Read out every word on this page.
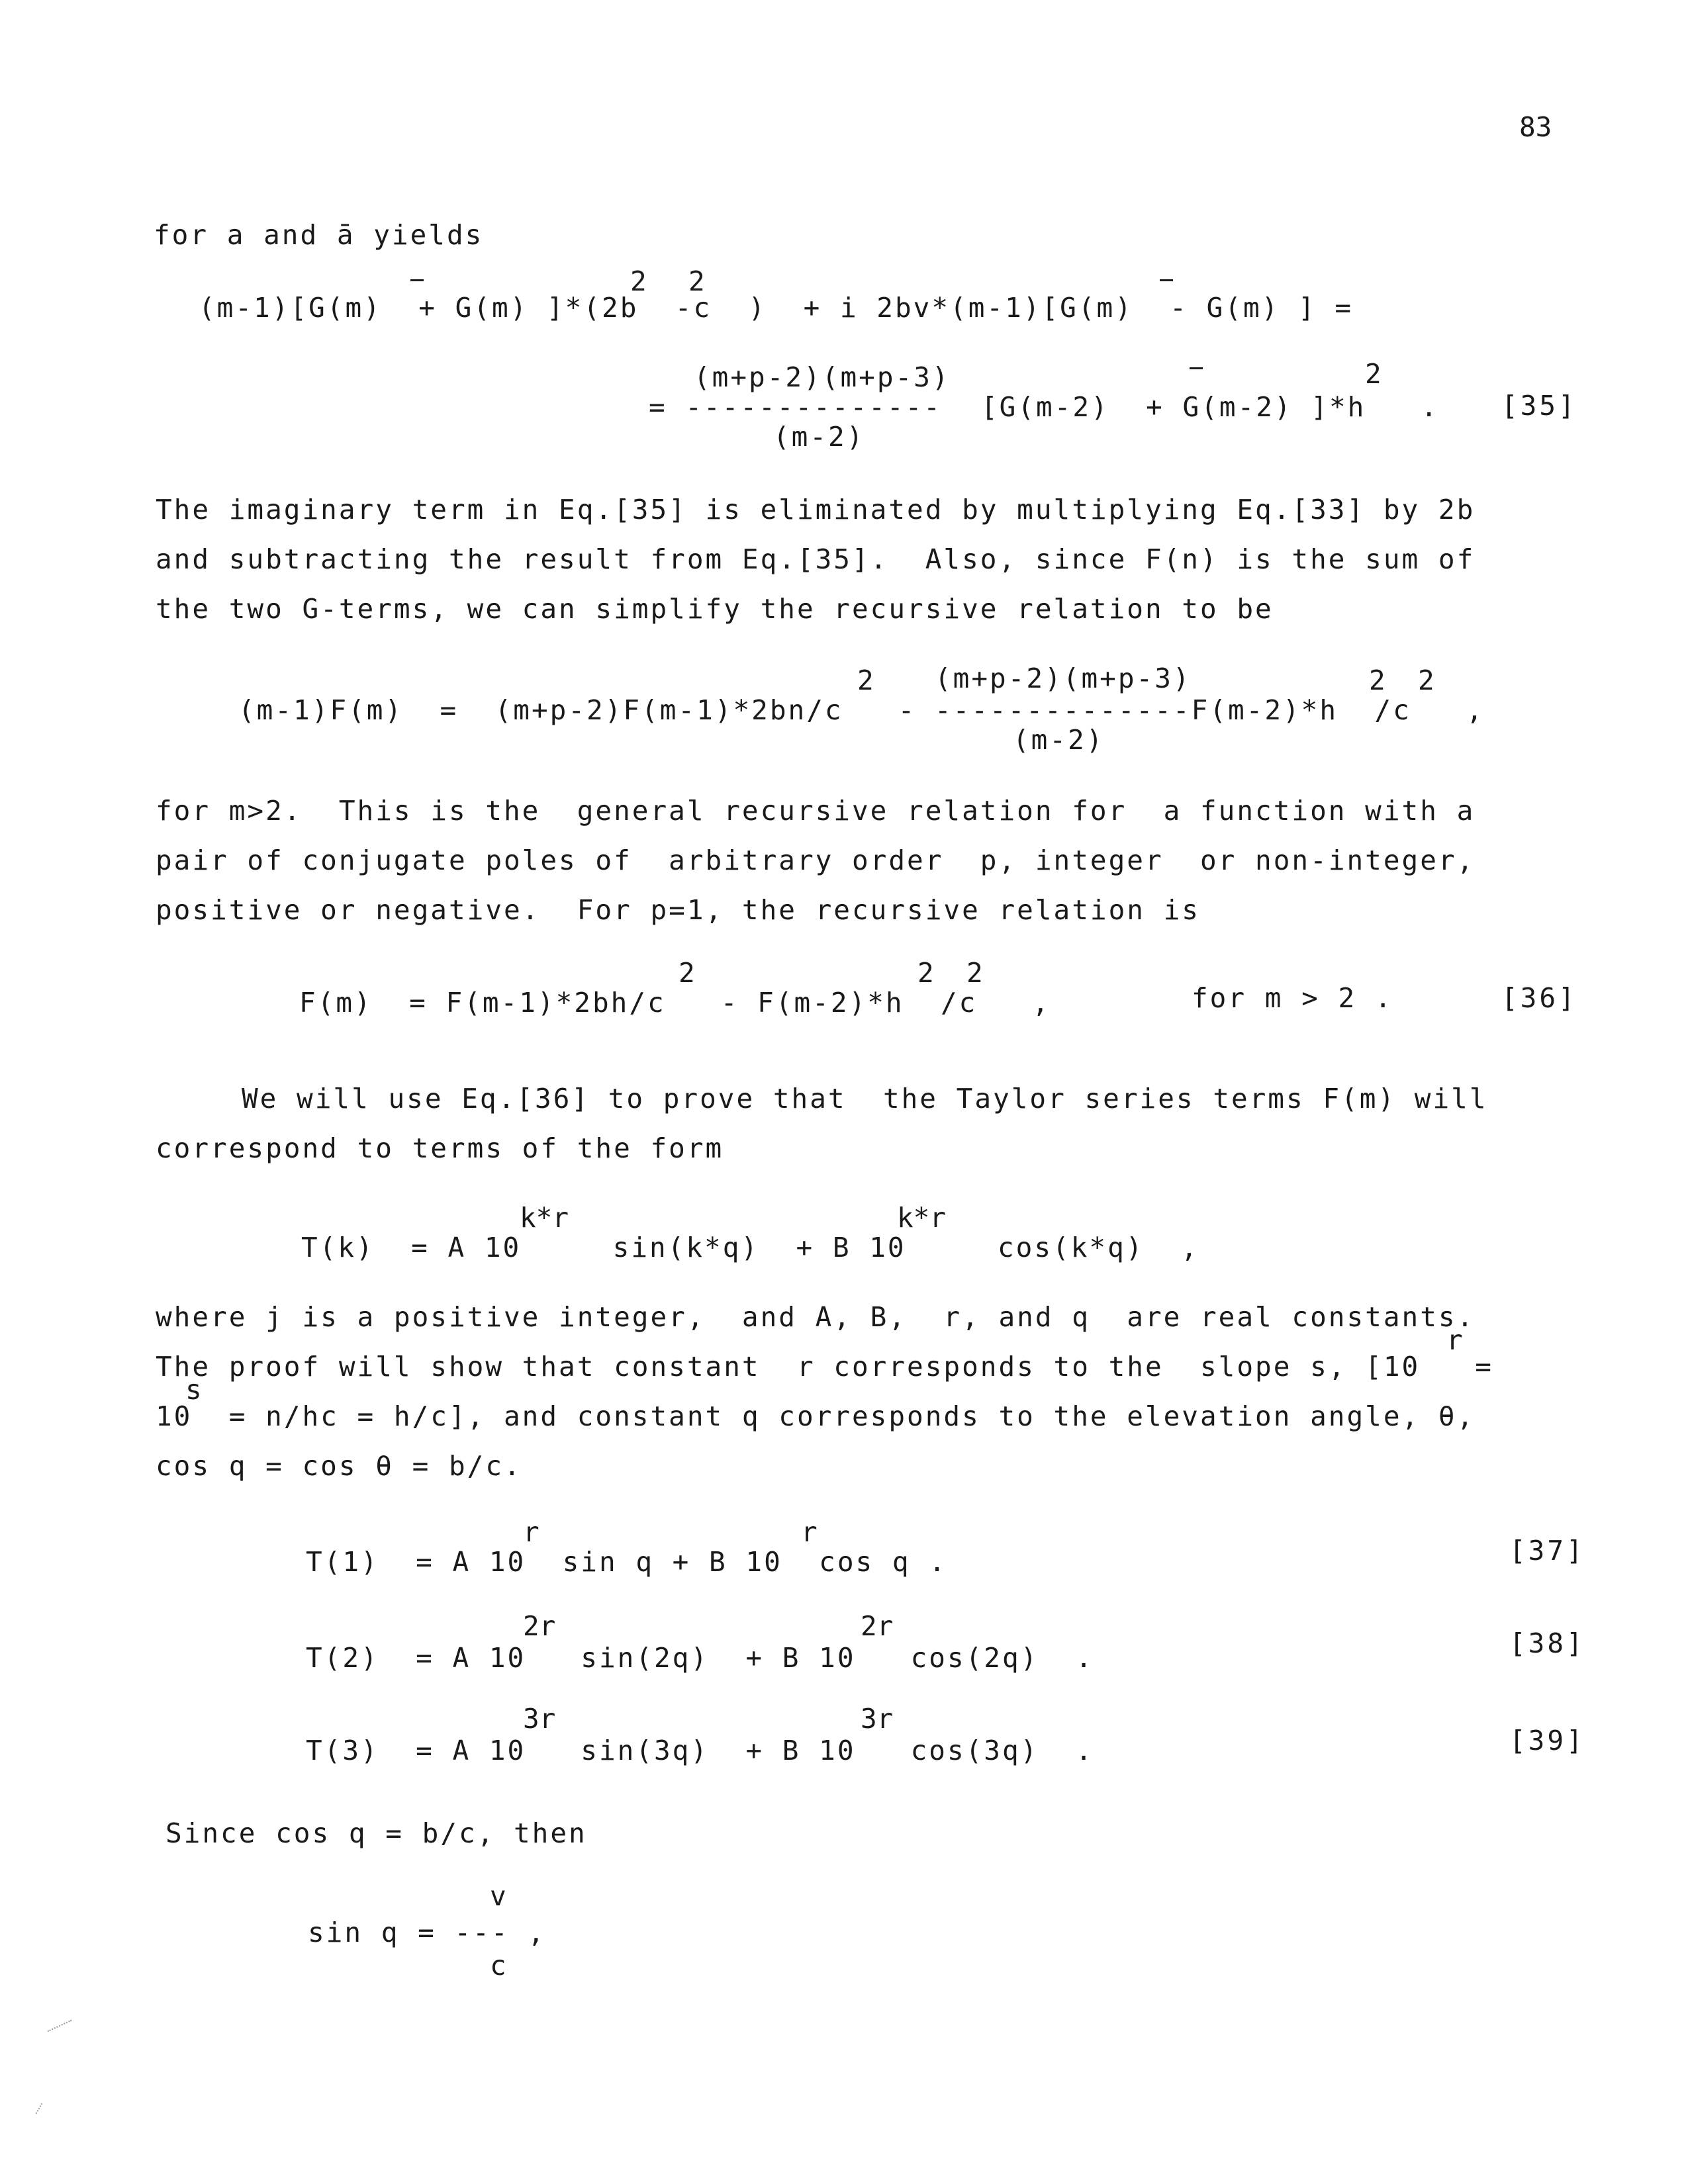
83
for a and ā yields
2 2
(m-1)[G(m)  + G(m) ]*(2b  -c  )  + i 2bv*(m-1)[G(m)  - G(m) ] =
(m+p-2)(m+p-3)	2
= -------------- [G(m-2)  + G(m-2) ]*h   . [35]
(m-2)
The imaginary term in Eq.[35] is eliminated by multiplying Eq.[33] by 2b
and subtracting the result from Eq.[35].  Also, since F(n) is the sum of
the two G-terms, we can simplify the recursive relation to be
(m+p-2)(m+p-3)
2	2  2
(m-1)F(m)  =  (m+p-2)F(m-1)*2bn/c   - --------------F(m-2)*h  /c   ,
(m-2)
for m>2.  This is the  general recursive relation for  a function with a
pair of conjugate poles of  arbitrary order  p, integer  or non-integer,
positive or negative.  For p=1, the recursive relation is
2	2  2
F(m)  = F(m-1)*2bh/c   - F(m-2)*h  /c   ,	for m > 2 .	[36]
We will use Eq.[36] to prove that  the Taylor series terms F(m) will
correspond to terms of the form
k*r	k*r
T(k)  = A 10     sin(k*q)  + B 10     cos(k*q)  ,
where j is a positive integer,  and A, B,  r, and q  are real constants.
r
The proof will show that constant  r corresponds to the  slope s, [10   =
s
10  = n/hc = h/c], and constant q corresponds to the elevation angle, θ,
cos q = cos θ = b/c.
r	r
T(1)  = A 10  sin q + B 10  cos q .	[37]
2r	2r
T(2)  = A 10   sin(2q)  + B 10   cos(2q)  .	[38]
3r	3r
T(3)  = A 10   sin(3q)  + B 10   cos(3q)  .	[39]
Since cos q = b/c, then
v
sin q = --- ,
c
